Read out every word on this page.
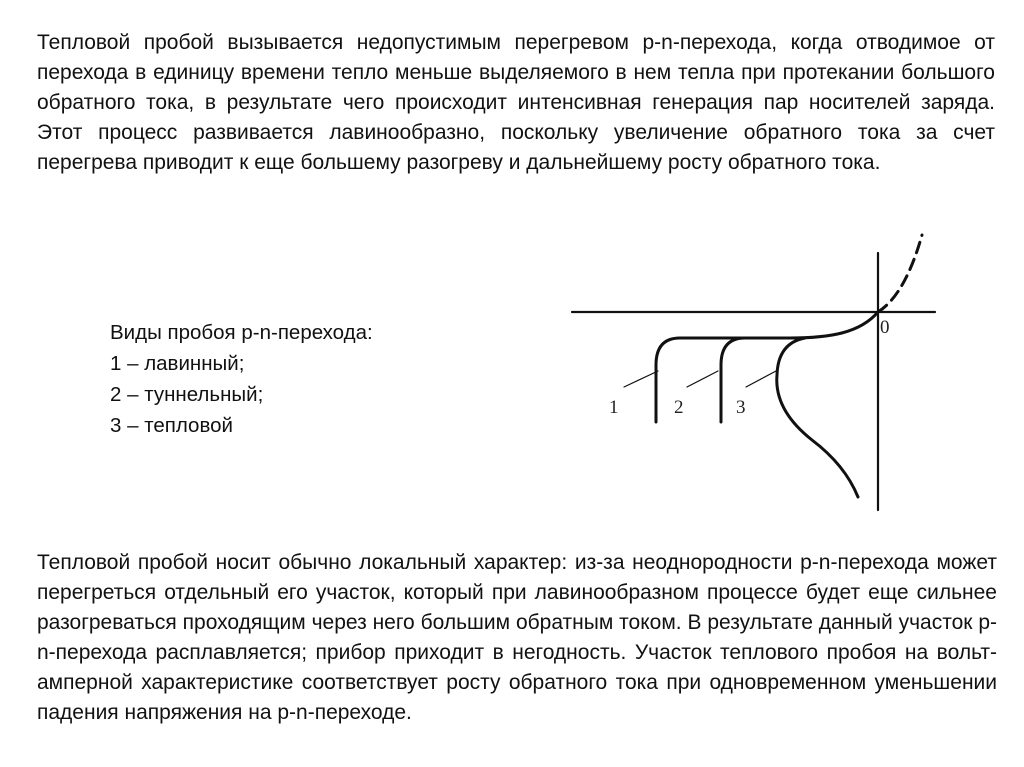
Тепловой пробой вызывается недопустимым перегревом p-n-перехода, когда отводимое от перехода в единицу времени тепло меньше выделяемого в нем тепла при протекании большого обратного тока, в результате чего происходит интенсивная генерация пар носителей заряда. Этот процесс развивается лавинообразно, поскольку увеличение обратного тока за счет перегрева приводит к еще большему разогреву и дальнейшему росту обратного тока.

Виды пробоя p-n-перехода:
1 – лавинный;
2 – туннельный;
3 – тепловой
1	2	3
0

Тепловой пробой носит обычно локальный характер: из-за неоднородности p-n-перехода может перегреться отдельный его участок, который при лавинообразном процессе будет еще сильнее разогреваться проходящим через него большим обратным током. В результате данный участок p-n-перехода расплавляется; прибор приходит в негодность. Участок теплового пробоя на вольт-амперной характеристике соответствует росту обратного тока при одновременном уменьшении падения напряжения на p-n-переходе.
